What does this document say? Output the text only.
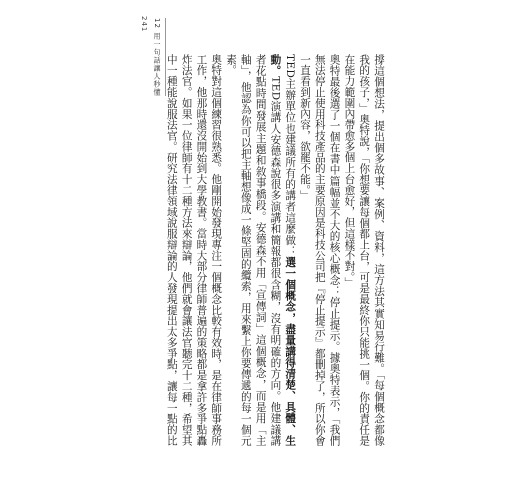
241 12 用一句話讓人秒懂	撐這個想法，提出個多故事、案例、資料，這方法其實知易行難。「每個概念都像我的孩子，」奧特說，「你想要讓每個都上台，可是最終你只能挑一個。你的責任是在能力範圍內帶愈多個上台愈好，但這樣不對。」

奧特最後選了一個在書中篇幅並不大的核心概念：停止提示。據奧特表示，「我們無法停止使用科技產品的主要原因是科技公司把『停止提示』都刪掉了，所以你會一直看到新內容，欲罷不能。」

TED主辦單位也建議所有的講者這麼做：選一個概念，盡量講得清楚、具體、生動。TED演講人安德森說很多演講和簡報都很含糊，沒有明確的方向。他建議講者花點時間發展主題和敘事橋段。安德森不用「宣傳詞」這個概念，而是用「主軸」，他認為你可以把主軸想像成一條堅固的纜索，用來繫上你要傳遞的每一個元素。

奧特對這個練習很熟悉。他剛開始發現專注一個概念比較有效時，是在律師事務所工作，他那時還沒開始到大學教書。當時大部分律師普遍的策略都是拿許多爭點轟炸法官。如果一位律師有十二種方法來辯論，他們就會讓法官聽完十二種，希望其中一種能說服法官。研究法律領域說服辯論的人發現提出太多爭點，讓每一點的比
